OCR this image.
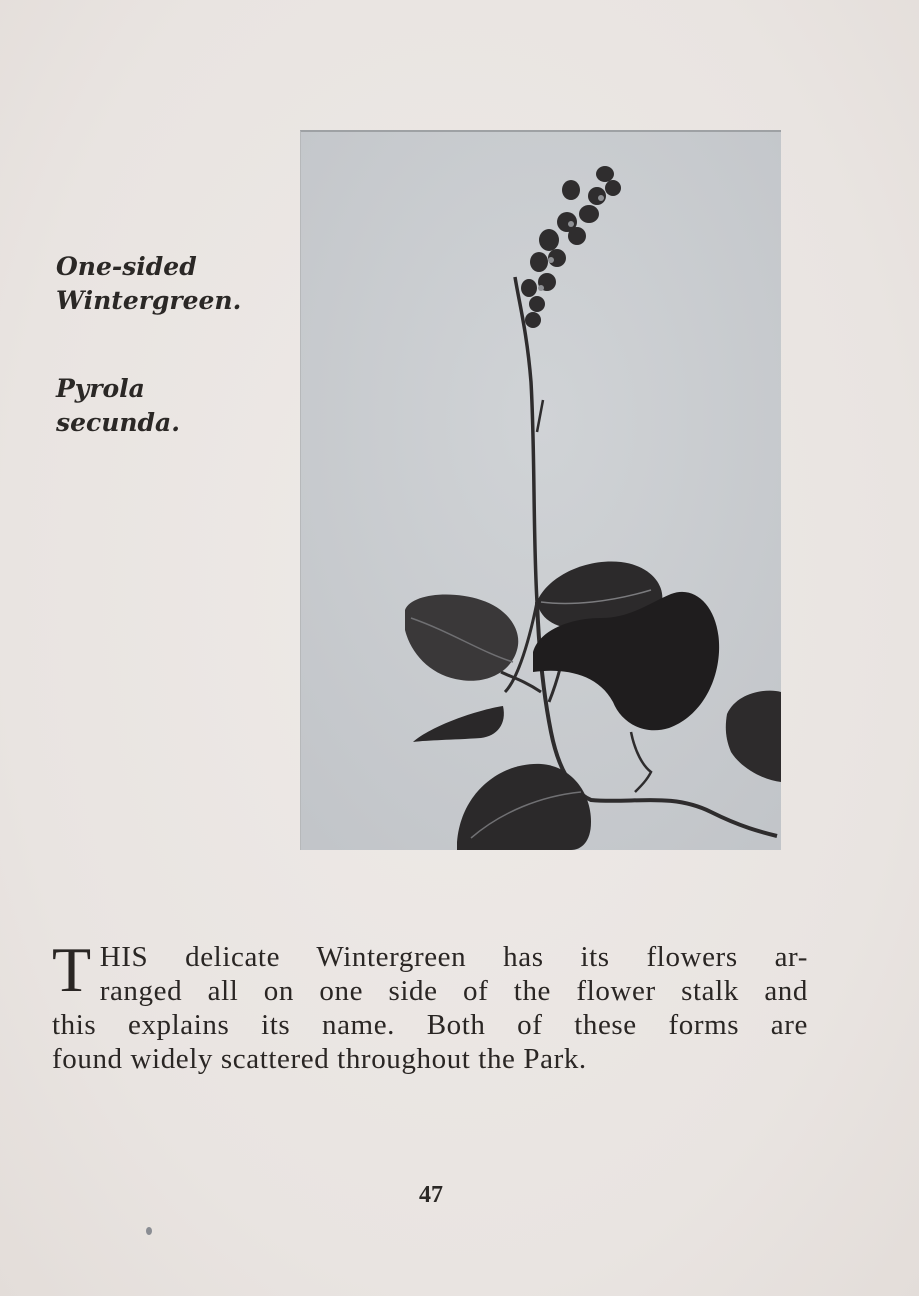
One-sided
Wintergreen.
Pyrola
secunda.
T HIS delicate Wintergreen has its flowers ar-
ranged all on one side of the flower stalk and
this explains its name. Both of these forms are
found widely scattered throughout the Park.
47
